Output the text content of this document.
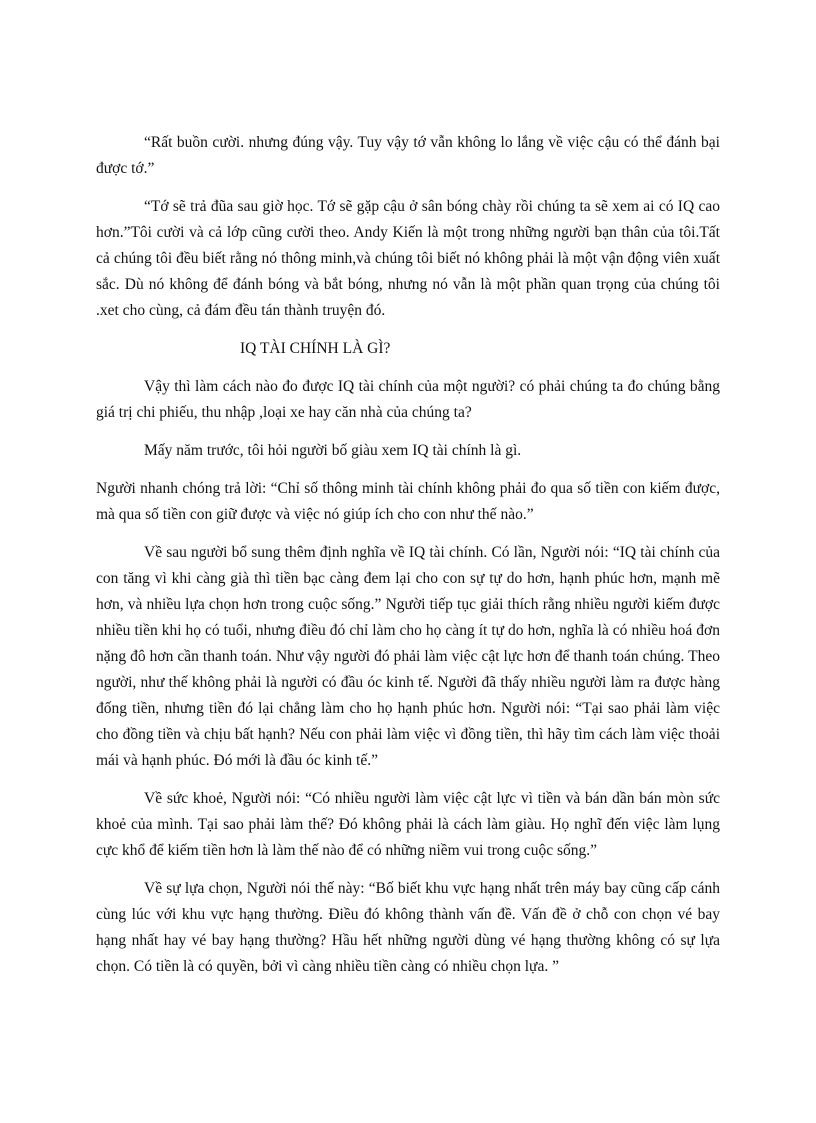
“Rất buồn cười. nhưng đúng vậy. Tuy vậy tớ vẫn không lo lắng về việc cậu có thể đánh bại được tớ.”

“Tớ sẽ trả đũa sau giờ học. Tớ sẽ gặp cậu ở sân bóng chày rồi chúng ta sẽ xem ai có IQ cao hơn.”Tôi cười và cả lớp cũng cười theo. Andy Kiến là một trong những người bạn thân của tôi.Tất cả chúng tôi đều biết rằng nó thông minh,và chúng tôi biết nó không phải là một vận động viên xuất sắc. Dù nó không để đánh bóng và bắt bóng, nhưng nó vẫn là một phần quan trọng của chúng tôi .xet cho cùng, cả đám đều tán thành truyện đó.

IQ TÀI CHÍNH LÀ GÌ?

Vậy thì làm cách nào đo được IQ tài chính của một người? có phải chúng ta đo chúng bằng giá trị chi phiếu, thu nhập ,loại xe hay căn nhà của chúng ta?

Mấy năm trước, tôi hỏi người bố giàu xem IQ tài chính là gì.

Người nhanh chóng trả lời: “Chỉ số thông minh tài chính không phải đo qua số tiền con kiếm được, mà qua số tiền con giữ được và việc nó giúp ích cho con như thế nào.”

Về sau người bổ sung thêm định nghĩa về IQ tài chính. Có lần, Người nói: “IQ tài chính của con tăng vì khi càng già thì tiền bạc càng đem lại cho con sự tự do hơn, hạnh phúc hơn, mạnh mẽ hơn, và nhiều lựa chọn hơn trong cuộc sống.” Người tiếp tục giải thích rằng nhiều người kiếm được nhiều tiền khi họ có tuổi, nhưng điều đó chỉ làm cho họ càng ít tự do hơn, nghĩa là có nhiều hoá đơn nặng đô hơn cần thanh toán. Như vậy người đó phải làm việc cật lực hơn để thanh toán chúng. Theo người, như thế không phải là người có đầu óc kinh tế. Người đã thấy nhiều người làm ra được hàng đống tiền, nhưng tiền đó lại chẳng làm cho họ hạnh phúc hơn. Người nói: “Tại sao phải làm việc cho đồng tiền và chịu bất hạnh? Nếu con phải làm việc vì đồng tiền, thì hãy tìm cách làm việc thoải mái và hạnh phúc. Đó mới là đầu óc kinh tế.”

Về sức khoẻ, Người nói: “Có nhiều người làm việc cật lực vì tiền và bán dần bán mòn sức khoẻ của mình. Tại sao phải làm thế? Đó không phải là cách làm giàu. Họ nghĩ đến việc làm lụng cực khổ để kiếm tiền hơn là làm thế nào để có những niềm vui trong cuộc sống.”

Về sự lựa chọn, Người nói thế này: “Bố biết khu vực hạng nhất trên máy bay cũng cấp cánh cùng lúc với khu vực hạng thường. Điều đó không thành vấn đề. Vấn đề ở chỗ con chọn vé bay hạng nhất hay vé bay hạng thường? Hầu hết những người dùng vé hạng thường không có sự lựa chọn. Có tiền là có quyền, bởi vì càng nhiều tiền càng có nhiều chọn lựa. ”
